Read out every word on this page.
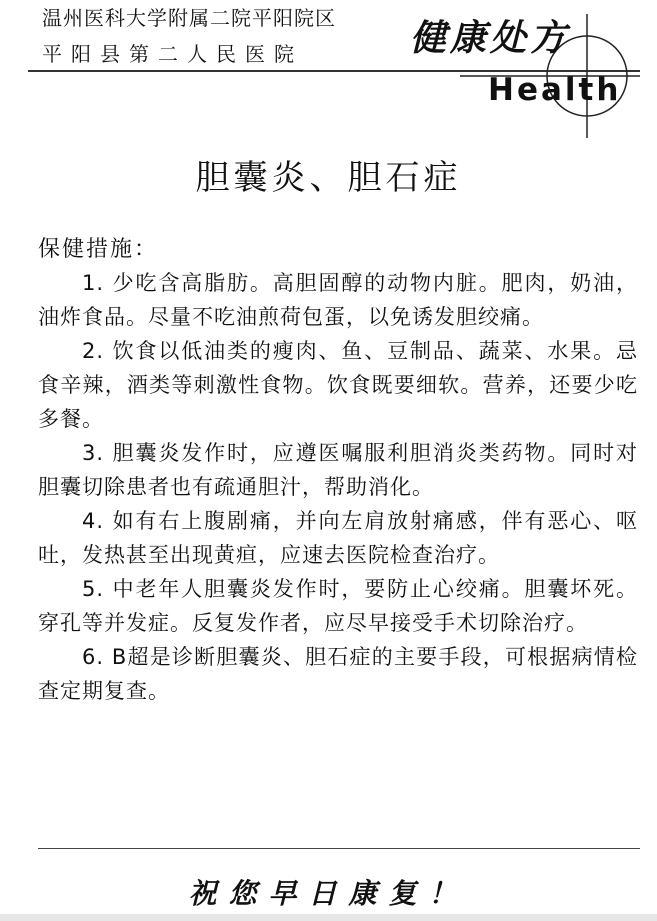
温州医科大学附属二院平阳院区
平阳县第二人民医院	健康处方
Health
胆囊炎、胆石症
保健措施：

1. 少吃含高脂肪。高胆固醇的动物内脏。肥肉，奶油，油炸食品。尽量不吃油煎荷包蛋，以免诱发胆绞痛。

2. 饮食以低油类的瘦肉、鱼、豆制品、蔬菜、水果。忌食辛辣，酒类等刺激性食物。饮食既要细软。营养，还要少吃多餐。

3. 胆囊炎发作时，应遵医嘱服利胆消炎类药物。同时对胆囊切除患者也有疏通胆汁，帮助消化。

4. 如有右上腹剧痛，并向左肩放射痛感，伴有恶心、呕吐，发热甚至出现黄疸，应速去医院检查治疗。

5. 中老年人胆囊炎发作时，要防止心绞痛。胆囊坏死。穿孔等并发症。反复发作者，应尽早接受手术切除治疗。

6. B超是诊断胆囊炎、胆石症的主要手段，可根据病情检查定期复查。

祝您早日康复！
